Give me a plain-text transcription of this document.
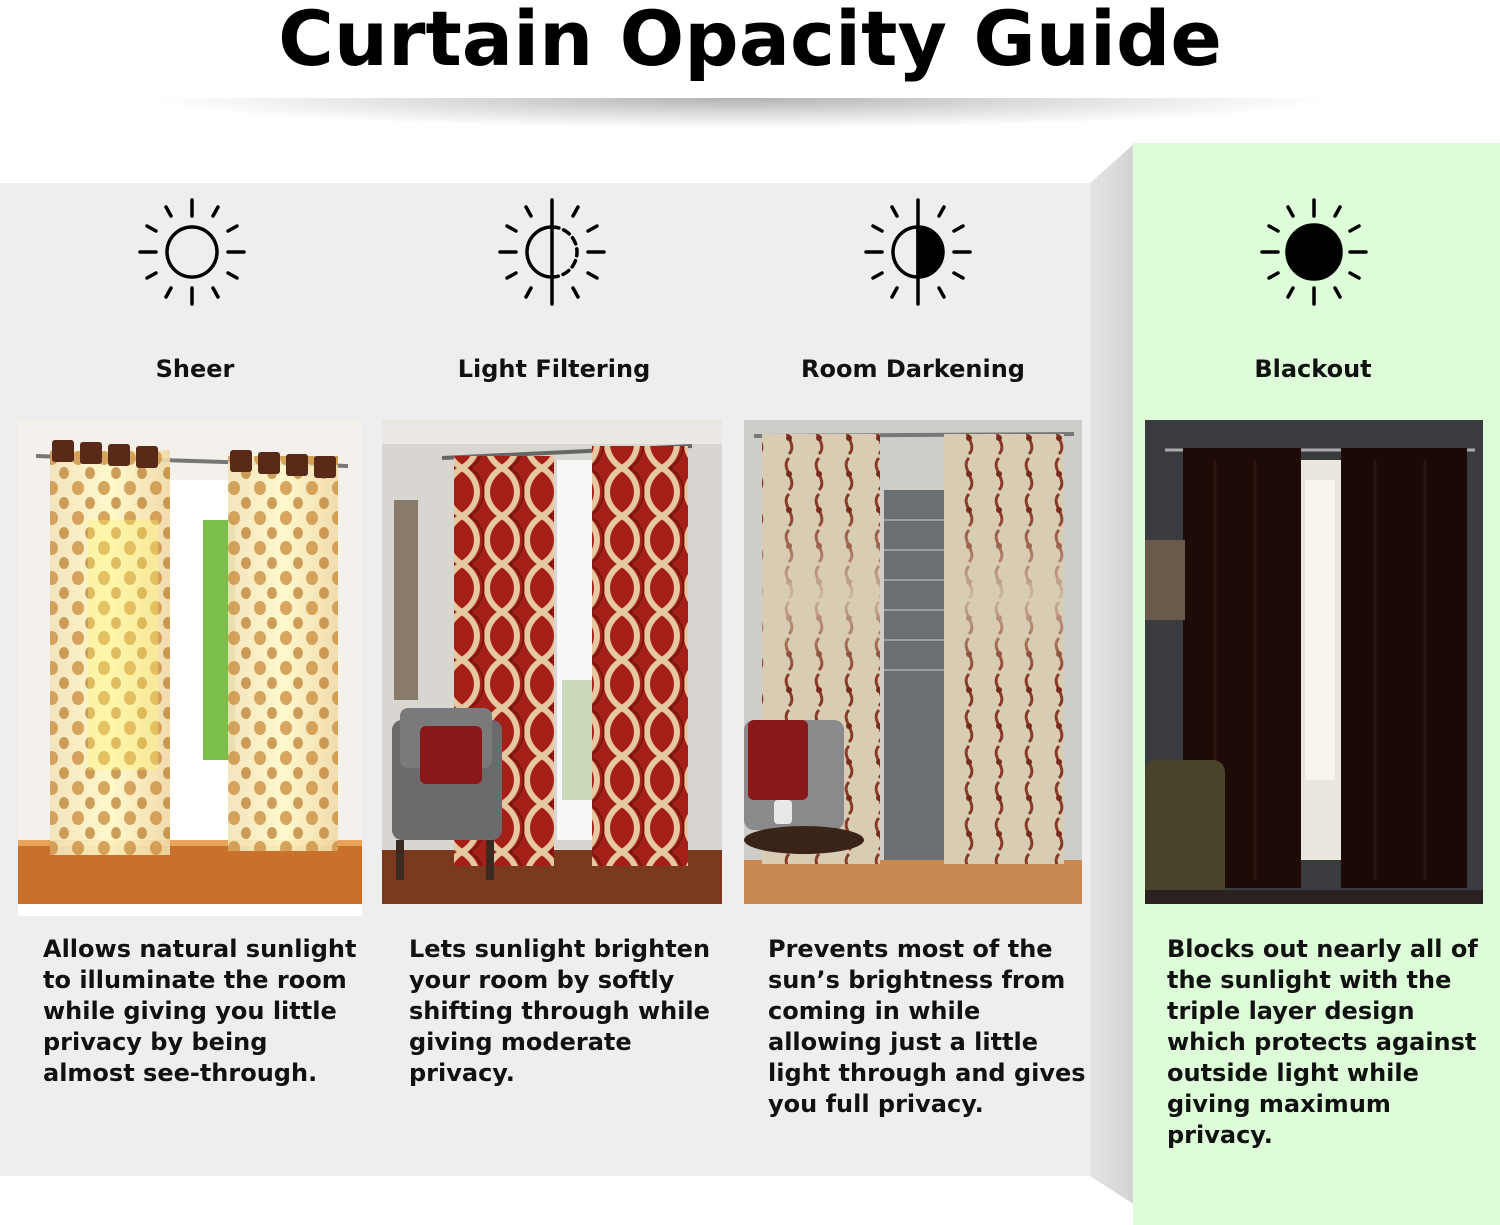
Curtain Opacity Guide
Sheer
Allows natural sunlight
to illuminate the room
while giving you little
privacy by being
almost see-through.
Light Filtering
Lets sunlight brighten
your room by softly
shifting through while
giving moderate
privacy.
Room Darkening
Prevents most of the
sun’s brightness from
coming in while
allowing just a little
light through and gives
you full privacy.
Blackout
Blocks out nearly all of
the sunlight with the
triple layer design
which protects against
outside light while
giving maximum
privacy.
